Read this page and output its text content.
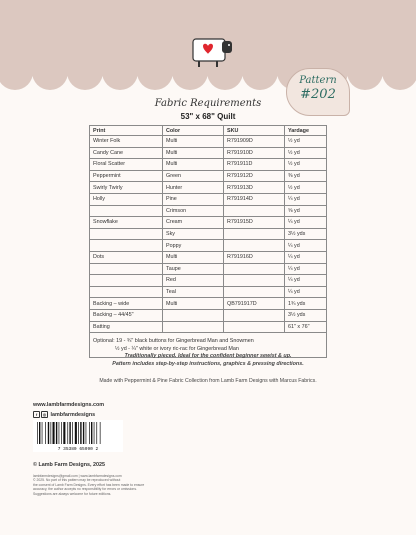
Pattern
#202
Fabric Requirements
53" x 68" Quilt
Print	Color	SKU	Yardage
Winter Folk	Multi	R791909D	½ yd
Candy Cane	Multi	R791910D	½ yd
Floral Scatter	Multi	R791911D	½ yd
Peppermint	Green	R791912D	⅜ yd
Swirly Twirly	Hunter	R791913D	½ yd
Holly	Pine	R791914D	¼ yd
	Crimson		⅝ yd
Snowflake	Cream	R791915D	¼ yd
	Sky		3½ yds
	Poppy		¼ yd
Dots	Multi	R791916D	¼ yd
	Taupe		¼ yd
	Red		¼ yd
	Teal		¼ yd
Backing – wide	Multi	QB791917D	1¾ yds
Backing – 44/45"			3½ yds
Batting			61" x 76"

Optional: 19 - ¾" black buttons for Gingerbread Man and Snowmen
½ yd - ¼" white or ivory ric-rac for Gingerbread Man			
Traditionally pieced. Ideal for the confident beginner sewist & up.
Pattern includes step-by-step instructions, graphics & pressing directions.
Made with Peppermint & Pine Fabric Collection from Lamb Farm Designs with Marcus Fabrics.
www.lambfarmdesigns.com
f ◎ lambfarmdesigns
7 35380 65090 2
© Lamb Farm Designs, 2025
lambfarmdesigns@gmail.com | www.lambfarmdesigns.com
© 2025. No part of this pattern may be reproduced without
the consent of Lamb Farm Designs. Every effort has been made to ensure
accuracy, the author accepts no responsibility for errors or omissions.
Suggestions are always welcome for future editions.
